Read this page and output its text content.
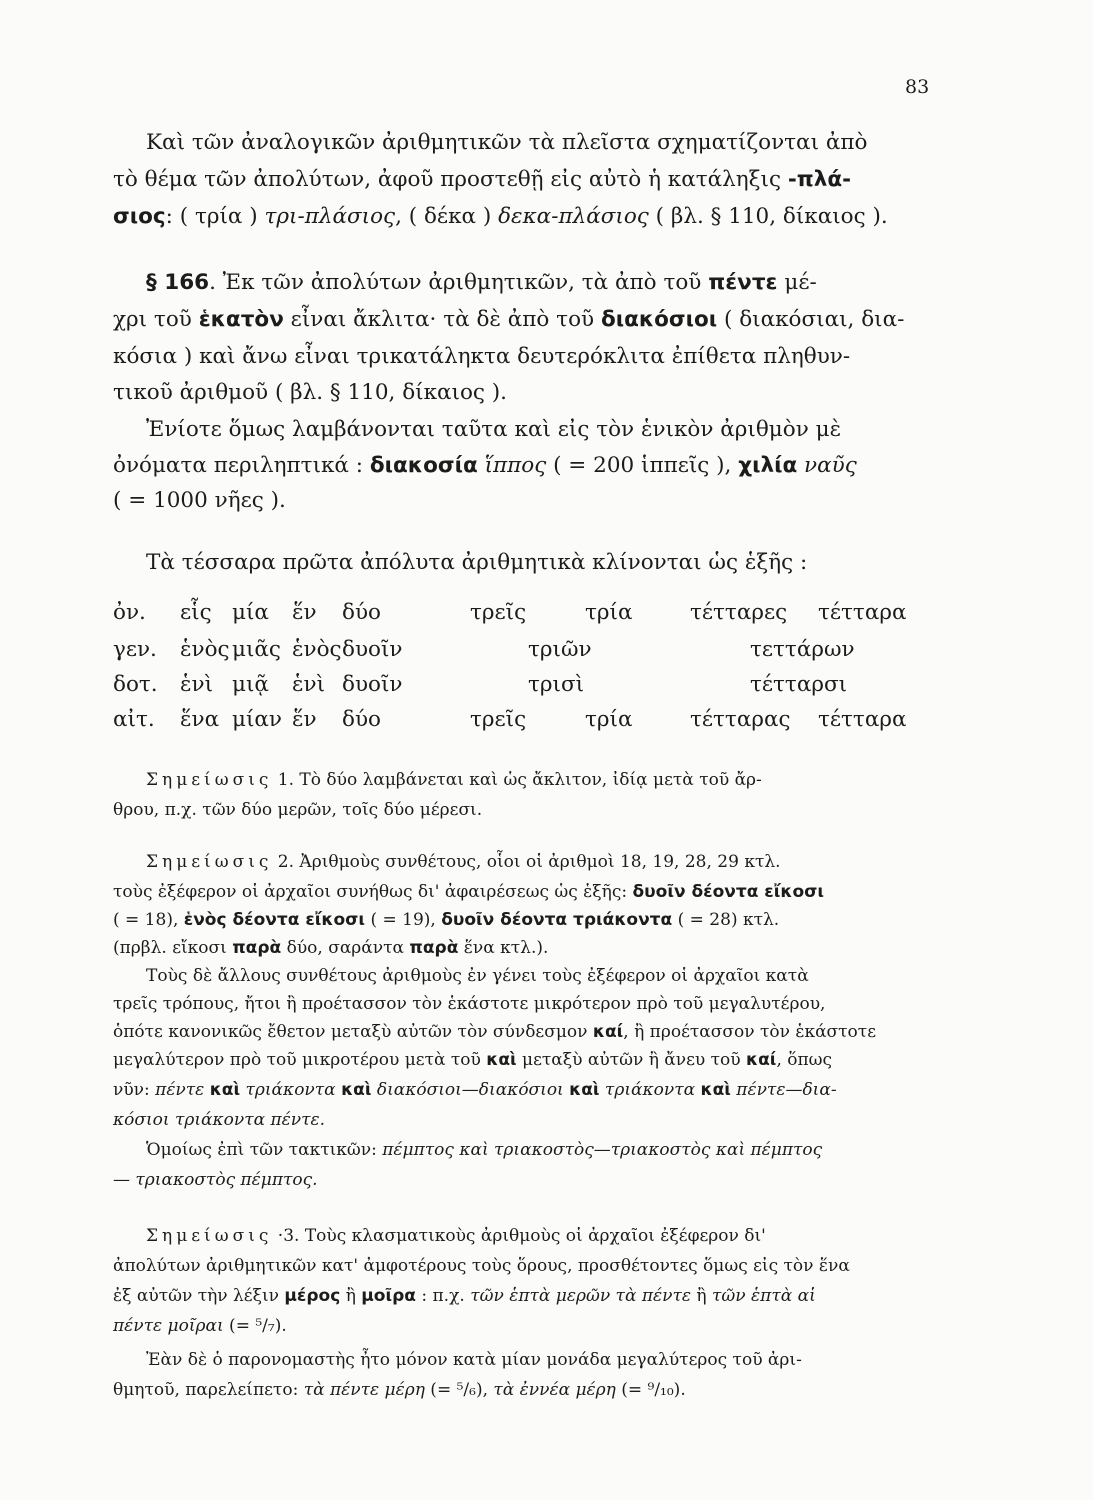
83
Καὶ τῶν ἀναλογικῶν ἀριθμητικῶν τὰ πλεῖστα σχηματίζονται ἀπὸ
τὸ θέμα τῶν ἀπολύτων, ἀφοῦ προστεθῇ εἰς αὐτὸ ἡ κατάληξις -πλά-
σιος: ( τρία ) τρι-πλάσιος, ( δέκα ) δεκα-πλάσιος ( βλ. § 110, δίκαιος ).
§ 166. Ἐκ τῶν ἀπολύτων ἀριθμητικῶν, τὰ ἀπὸ τοῦ πέντε μέ-
χρι τοῦ ἑκατὸν εἶναι ἄκλιτα· τὰ δὲ ἀπὸ τοῦ διακόσιοι ( διακόσιαι, δια-
κόσια ) καὶ ἄνω εἶναι τρικατάληκτα δευτερόκλιτα ἐπίθετα πληθυν-
τικοῦ ἀριθμοῦ ( βλ. § 110, δίκαιος ).
Ἐνίοτε ὅμως λαμβάνονται ταῦτα καὶ εἰς τὸν ἑνικὸν ἀριθμὸν μὲ
ὀνόματα περιληπτικά : διακοσία ἵππος ( = 200 ἱππεῖς ), χιλία ναῦς
( = 1000 νῆες ).
Τὰ τέσσαρα πρῶτα ἀπόλυτα ἀριθμητικὰ κλίνονται ὡς ἑξῆς :
ὀν. εἷς μία ἕν δύο	τρεῖς	τρία	τέτταρες τέτταρα
γεν. ἑνὸς μιᾶς ἑνὸς δυοῖν	τριῶν	τεττάρων
δοτ. ἑνὶ μιᾷ ἑνὶ δυοῖν	τρισὶ	τέτταρσι
αἰτ. ἕνα μίαν ἕν δύο	τρεῖς	τρία	τέτταρας τέτταρα
Σημείωσις 1. Τὸ δύο λαμβάνεται καὶ ὡς ἄκλιτον, ἰδίᾳ μετὰ τοῦ ἄρ-
θρου, π.χ. τῶν δύο μερῶν, τοῖς δύο μέρεσι.
Σημείωσις 2. Ἀριθμοὺς συνθέτους, οἷοι οἱ ἀριθμοὶ 18, 19, 28, 29 κτλ.
τοὺς ἐξέφερον οἱ ἀρχαῖοι συνήθως δι' ἀφαιρέσεως ὡς ἑξῆς: δυοῖν δέοντα εἴκοσι
( = 18), ἑνὸς δέοντα εἴκοσι ( = 19), δυοῖν δέοντα τριάκοντα ( = 28) κτλ.
(πρβλ. εἴκοσι παρὰ δύο, σαράντα παρὰ ἕνα κτλ.).
Τοὺς δὲ ἄλλους συνθέτους ἀριθμοὺς ἐν γένει τοὺς ἐξέφερον οἱ ἀρχαῖοι κατὰ
τρεῖς τρόπους, ἤτοι ἢ προέτασσον τὸν ἑκάστοτε μικρότερον πρὸ τοῦ μεγαλυτέρου,
ὁπότε κανονικῶς ἔθετον μεταξὺ αὐτῶν τὸν σύνδεσμον καί, ἢ προέτασσον τὸν ἑκάστοτε
μεγαλύτερον πρὸ τοῦ μικροτέρου μετὰ τοῦ καὶ μεταξὺ αὐτῶν ἢ ἄνευ τοῦ καί, ὅπως
νῦν: πέντε καὶ τριάκοντα καὶ διακόσιοι—διακόσιοι καὶ τριάκοντα καὶ πέντε—δια-
κόσιοι τριάκοντα πέντε.
Ὁμοίως ἐπὶ τῶν τακτικῶν: πέμπτος καὶ τριακοστὸς—τριακοστὸς καὶ πέμπτος
— τριακοστὸς πέμπτος.
Σημείωσις ·3. Τοὺς κλασματικοὺς ἀριθμοὺς οἱ ἀρχαῖοι ἐξέφερον δι'
ἀπολύτων ἀριθμητικῶν κατ' ἀμφοτέρους τοὺς ὅρους, προσθέτοντες ὅμως εἰς τὸν ἕνα
ἐξ αὐτῶν τὴν λέξιν μέρος ἢ μοῖρα : π.χ. τῶν ἑπτὰ μερῶν τὰ πέντε ἢ τῶν ἑπτὰ αἱ
πέντε μοῖραι (= ⁵/₇).
Ἐὰν δὲ ὁ παρονομαστὴς ἦτο μόνον κατὰ μίαν μονάδα μεγαλύτερος τοῦ ἀρι-
θμητοῦ, παρελείπετο: τὰ πέντε μέρη (= ⁵/₆), τὰ ἐννέα μέρη (= ⁹/₁₀).
